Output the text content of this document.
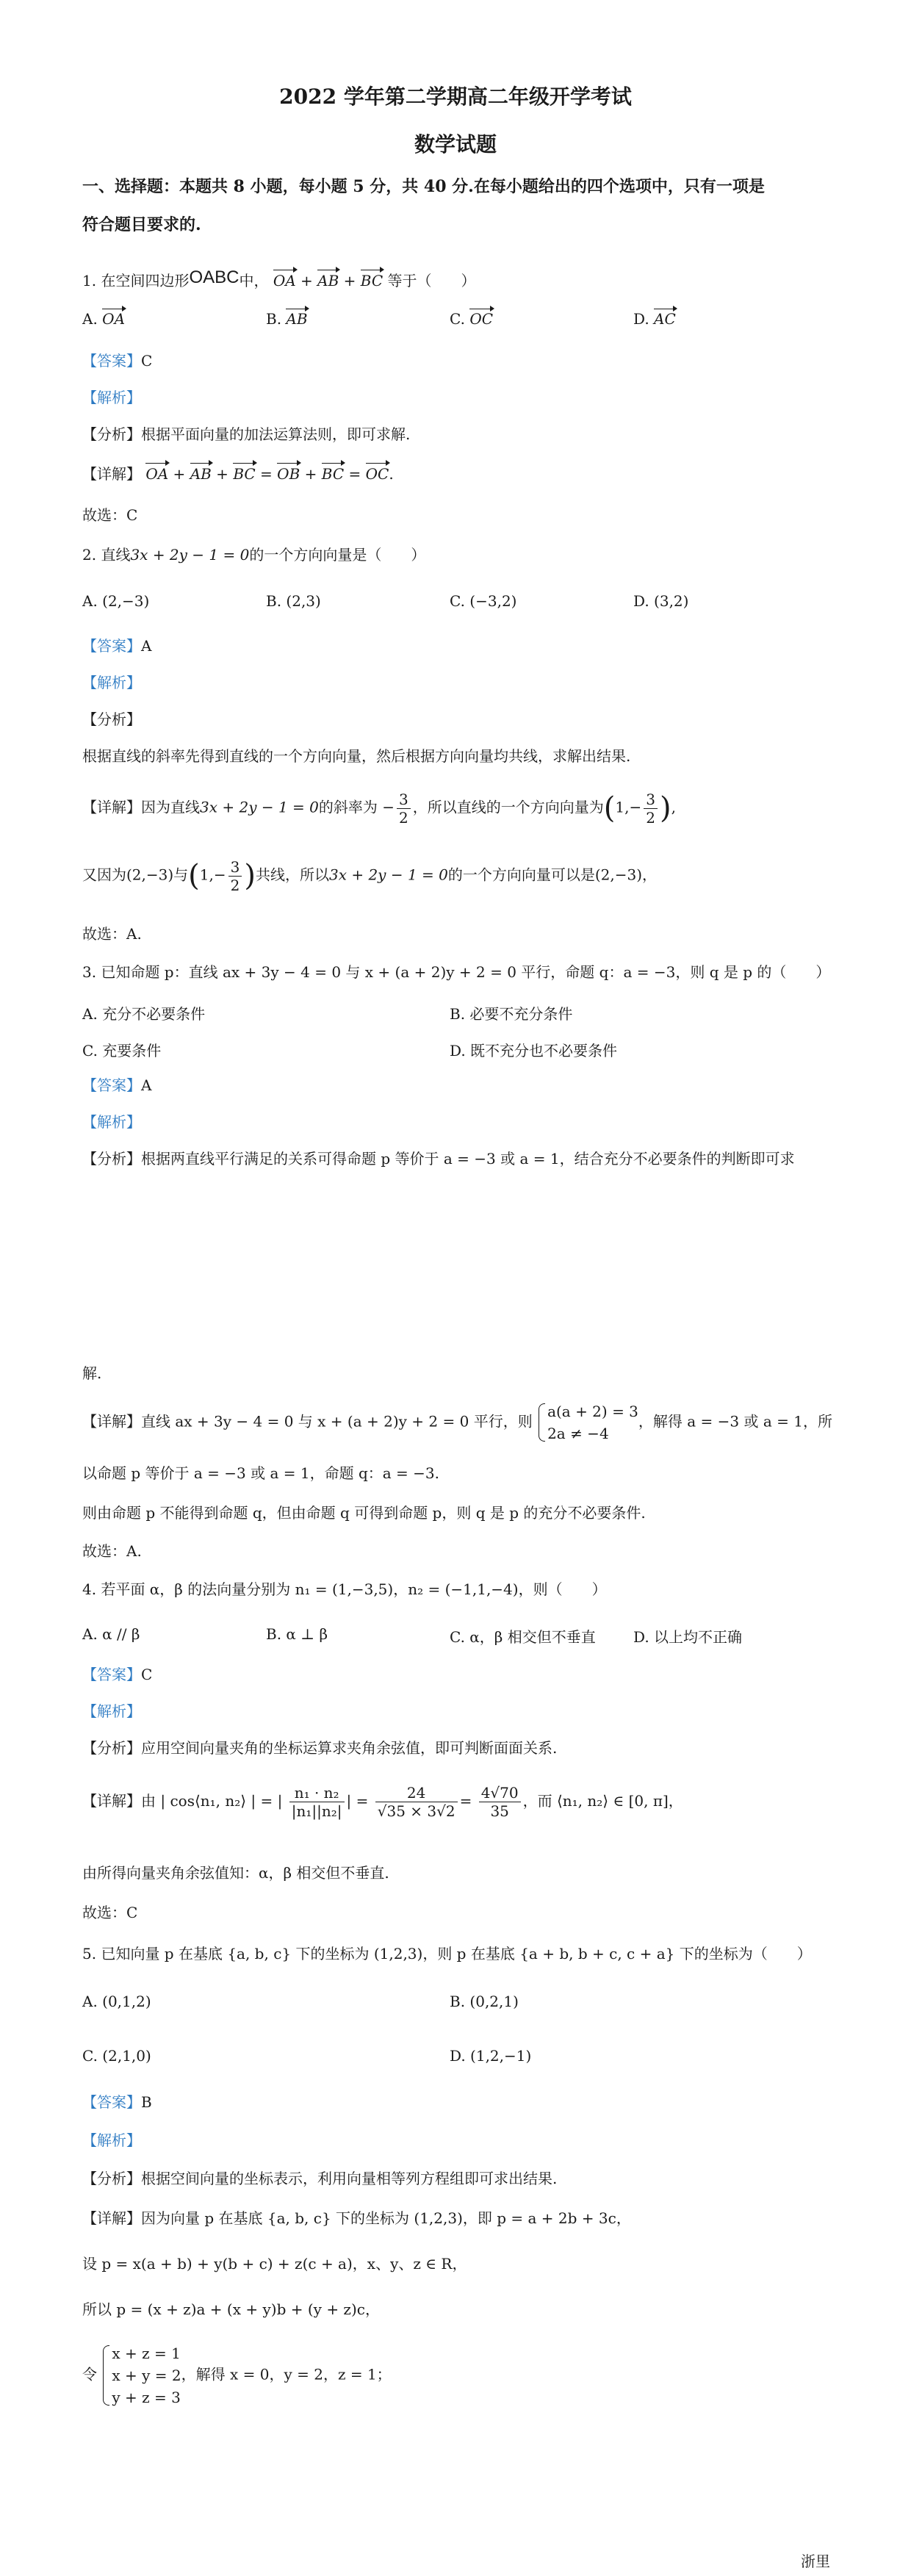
2022 学年第二学期高二年级开学考试
数学试题
一、选择题：本题共 8 小题，每小题 5 分，共 40 分.在每小题给出的四个选项中，只有一项是
符合题目要求的.
1. 在空间四边形OABC中， OA + AB + BC 等于（　　）
A. OA	B. AB	C. OC	D. AC
【答案】C
【解析】
【分析】根据平面向量的加法运算法则，即可求解.
【详解】 OA + AB + BC = OB + BC = OC.
故选：C
2. 直线3x + 2y − 1 = 0的一个方向向量是（　　）
A. (2,−3)	B. (2,3)	C. (−3,2)	D. (3,2)
【答案】A
【解析】
【分析】
根据直线的斜率先得到直线的一个方向向量，然后根据方向向量均共线，求解出结果.
【详解】因为直线3x + 2y − 1 = 0的斜率为 − $\frac{3}{2}$ ，所以直线的一个方向向量为($1,- \frac{3}{2}$ ),
又因为(2,−3)与($1,- \frac{3}{2}$ )共线，所以3x + 2y − 1 = 0的一个方向向量可以是(2,−3)，
故选：A.
3. 已知命题 p：直线 ax + 3y − 4 = 0 与 x + (a + 2)y + 2 = 0 平行，命题 q：a = −3，则 q 是 p 的（　　）
A. 充分不必要条件	B. 必要不充分条件
C. 充要条件	D. 既不充分也不必要条件
【答案】A
【解析】
【分析】根据两直线平行满足的关系可得命题 p 等价于 a = −3 或 a = 1，结合充分不必要条件的判断即可求
解.
【详解】直线 ax + 3y − 4 = 0 与 x + (a + 2)y + 2 = 0 平行，则
a(a + 2) = 3
2a ≠ −4
，解得 a = −3 或 a = 1，所
以命题 p 等价于 a = −3 或 a = 1，命题 q：a = −3.
则由命题 p 不能得到命题 q，但由命题 q 可得到命题 p，则 q 是 p 的充分不必要条件.
故选：A.
4. 若平面 α，β 的法向量分别为 n₁ = (1,−3,5)，n₂ = (−1,1,−4)，则（　　）
A. α // β	B. α ⊥ β	C. α，β 相交但不垂直	D. 以上均不正确
【答案】C
【解析】
【分析】应用空间向量夹角的坐标运算求夹角余弦值，即可判断面面关系.
【详解】由 | cos⟨n₁, n₂⟩ | = | $\frac{\text{n₁ · n₂}}{\text{|n₁||n₂|}}$ | = $\frac{24}{√35 \times 3√2} = \frac{4√70}{35}$ ，而 ⟨n₁, n₂⟩ ∈ [0, π]，
由所得向量夹角余弦值知：α，β 相交但不垂直.
故选：C
5. 已知向量 p 在基底 {a, b, c} 下的坐标为 (1,2,3)，则 p 在基底 {a + b, b + c, c + a} 下的坐标为（　　）
A. (0,1,2)	B. (0,2,1)
C. (2,1,0)	D. (1,2,−1)
【答案】B
【解析】
【分析】根据空间向量的坐标表示，利用向量相等列方程组即可求出结果.
【详解】因为向量 p 在基底 {a, b, c} 下的坐标为 (1,2,3)，即 p = a + 2b + 3c，
设 p = x(a + b) + y(b + c) + z(c + a)，x、y、z ∈ R，
所以 p = (x + z)a + (x + y)b + (y + z)c，
令
x + z = 1
x + y = 2
y + z = 3
，解得 x = 0，y = 2，z = 1；
浙里
